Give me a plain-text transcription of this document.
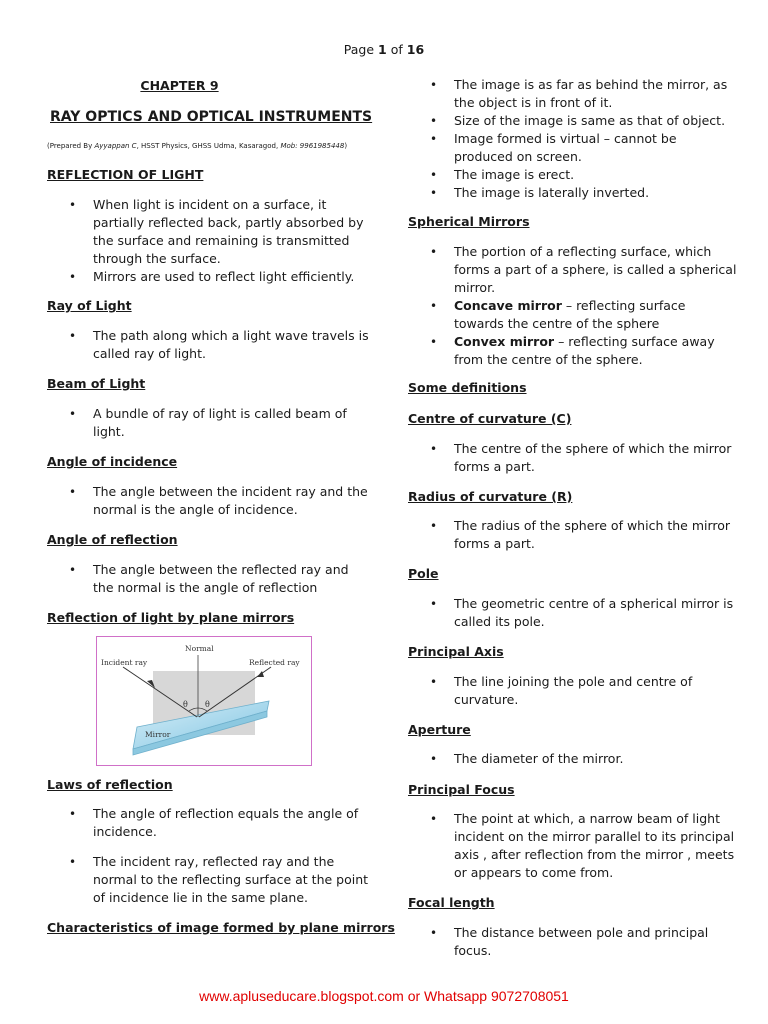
Page 1 of 16
CHAPTER 9
RAY OPTICS AND OPTICAL INSTRUMENTS
(Prepared By Ayyappan C, HSST Physics, GHSS Udma, Kasaragod, Mob: 9961985448)
REFLECTION OF LIGHT
• When light is incident on a surface, it partially reflected back, partly absorbed by the surface and remaining is transmitted through the surface.
• Mirrors are used to reflect light efficiently.
Ray of Light
• The path along which a light wave travels is called ray of light.
Beam of Light
• A bundle of ray of light is called beam of light.
Angle of incidence
• The angle between the incident ray and the normal is the angle of incidence.
Angle of reflection
• The angle between the reflected ray and the normal is the angle of reflection
Reflection of light by plane mirrors
Laws of reflection
• The angle of reflection equals the angle of incidence.
• The incident ray, reflected ray and the normal to the reflecting surface at the point of incidence lie in the same plane.
Characteristics of image formed by plane mirrors
Normal
Incident ray	Reflected ray
Mirror
θ θ
• The image is as far as behind the mirror, as the object is in front of it.
• Size of the image is same as that of object.
• Image formed is virtual – cannot be produced on screen.
• The image is erect.
• The image is laterally inverted.
Spherical Mirrors
• The portion of a reflecting surface, which forms a part of a sphere, is called a spherical mirror.
• Concave mirror – reflecting surface towards the centre of the sphere
• Convex mirror – reflecting surface away from the centre of the sphere.
Some definitions
Centre of curvature (C)
• The centre of the sphere of which the mirror forms a part.
Radius of curvature (R)
• The radius of the sphere of which the mirror forms a part.
Pole
• The geometric centre of a spherical mirror is called its pole.
Principal Axis
• The line joining the pole and centre of curvature.
Aperture
• The diameter of the mirror.
Principal Focus
• The point at which, a narrow beam of light incident on the mirror parallel to its principal axis , after reflection from the mirror , meets or appears to come from.
Focal length
• The distance between pole and principal focus.
www.apluseducare.blogspot.com or Whatsapp 9072708051
